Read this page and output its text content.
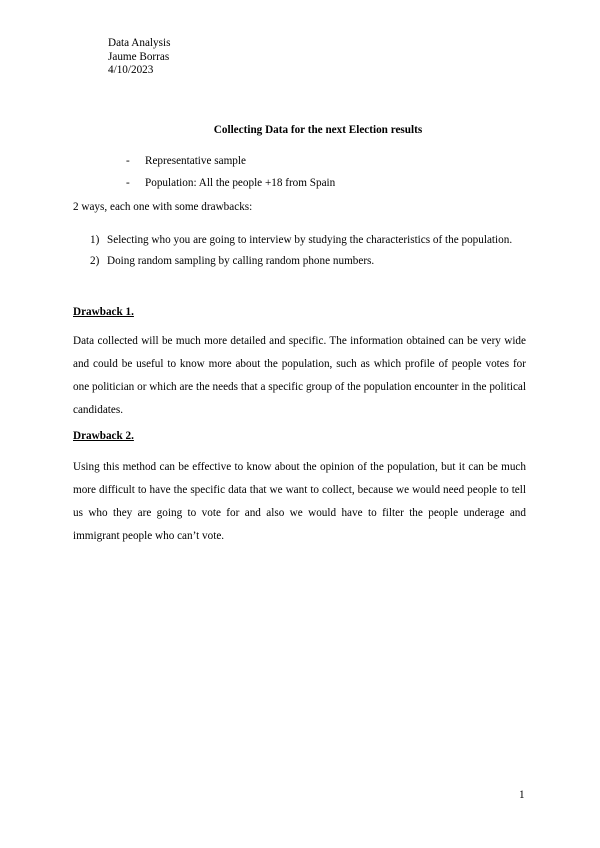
Data Analysis
Jaume Borras
4/10/2023
Collecting Data for the next Election results
- Representative sample
- Population: All the people +18 from Spain
2 ways, each one with some drawbacks:
1) Selecting who you are going to interview by studying the characteristics of the population.
2) Doing random sampling by calling random phone numbers.
Drawback 1.

Data collected will be much more detailed and specific. The information obtained can be very wide and could be useful to know more about the population, such as which profile of people votes for one politician or which are the needs that a specific group of the population encounter in the political candidates.

Drawback 2.

Using this method can be effective to know about the opinion of the population, but it can be much more difficult to have the specific data that we want to collect, because we would need people to tell us who they are going to vote for and also we would have to filter the people underage and immigrant people who can’t vote.

1
